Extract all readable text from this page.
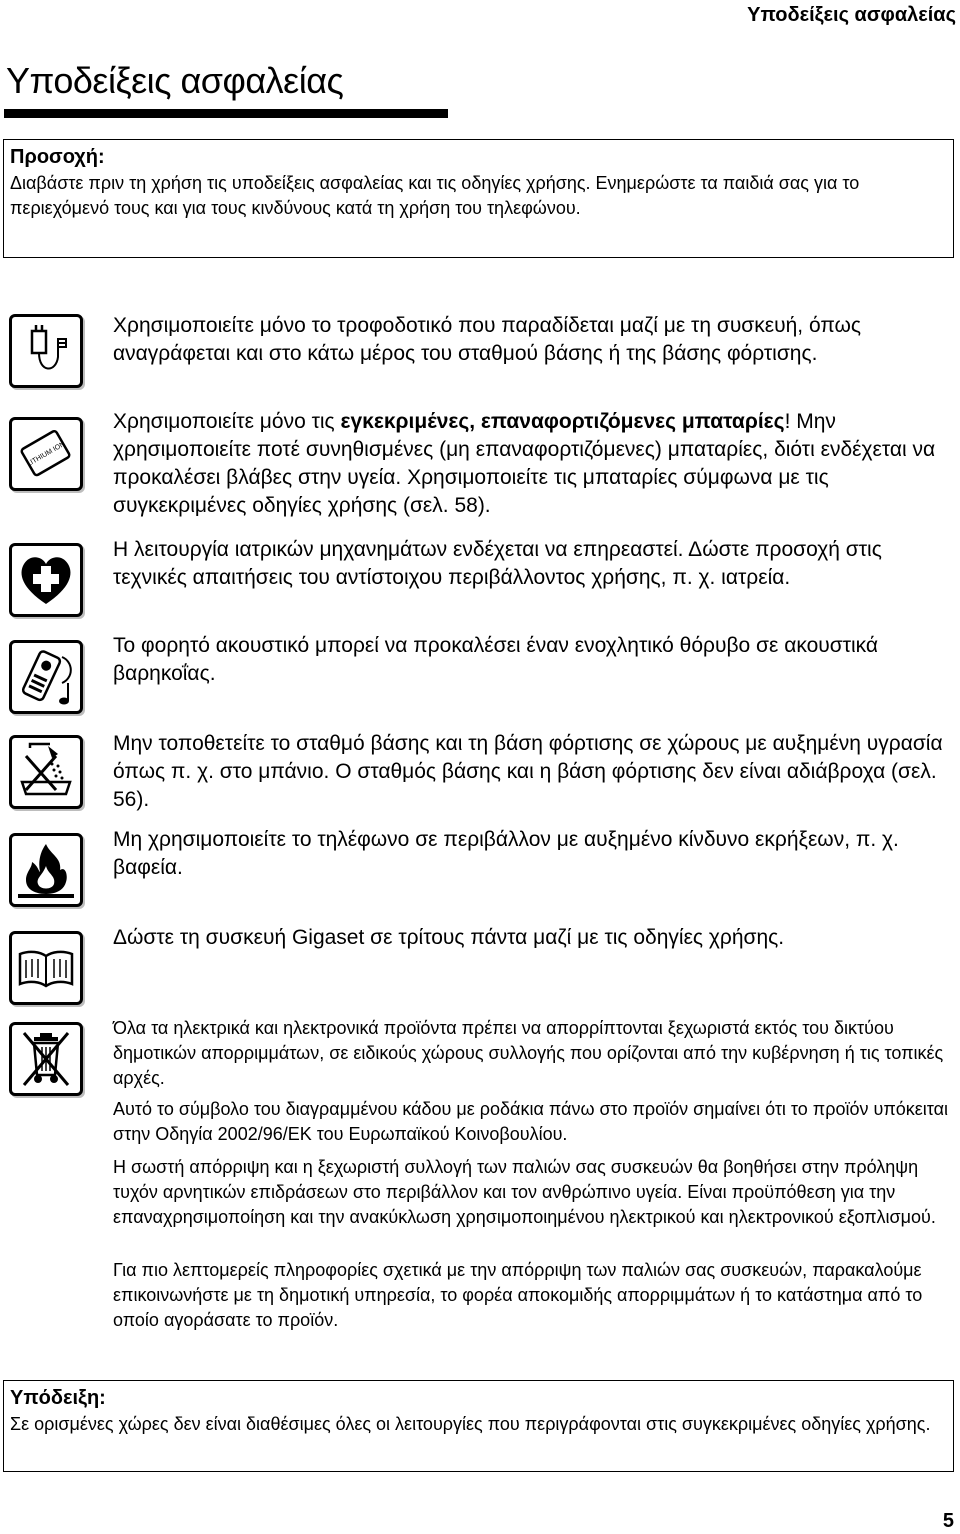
Υποδείξεις ασφαλείας
Υποδείξεις ασφαλείας
Προσοχή:
Διαβάστε πριν τη χρήση τις υποδείξεις ασφαλείας και τις οδηγίες χρήσης. Ενημερώστε τα παιδιά σας για το περιεχόμενό τους και για τους κινδύνους κατά τη χρήση του τηλεφώνου.
LITHIUM ION

Χρησιμοποιείτε μόνο το τροφοδοτικό που παραδίδεται μαζί με τη συσκευή, όπως αναγράφεται και στο κάτω μέρος του σταθμού βάσης ή της βάσης φόρτισης.

Χρησιμοποιείτε μόνο τις εγκεκριμένες, επαναφορτιζόμενες μπαταρίες! Μην χρησιμοποιείτε ποτέ συνηθισμένες (μη επαναφορτιζόμενες) μπαταρίες, διότι ενδέχεται να προκαλέσει βλάβες στην υγεία. Χρησιμοποιείτε τις μπαταρίες σύμφωνα με τις συγκεκριμένες οδηγίες χρήσης (σελ. 58).

Η λειτουργία ιατρικών μηχανημάτων ενδέχεται να επηρεαστεί. Δώστε προσοχή στις τεχνικές απαιτήσεις του αντίστοιχου περιβάλλοντος χρήσης, π. χ. ιατρεία.

Το φορητό ακουστικό μπορεί να προκαλέσει έναν ενοχλητικό θόρυβο σε ακουστικά βαρηκοΐας.

Μην τοποθετείτε το σταθμό βάσης και τη βάση φόρτισης σε χώρους με αυξημένη υγρασία όπως π. χ. στο μπάνιο. Ο σταθμός βάσης και η βάση φόρτισης δεν είναι αδιάβροχα (σελ. 56).

Μη χρησιμοποιείτε το τηλέφωνο σε περιβάλλον με αυξημένο κίνδυνο εκρήξεων, π. χ. βαφεία.

Δώστε τη συσκευή Gigaset σε τρίτους πάντα μαζί με τις οδηγίες χρήσης.

Όλα τα ηλεκτρικά και ηλεκτρονικά προϊόντα πρέπει να απορρίπτονται ξεχωριστά εκτός του δικτύου δημοτικών απορριμμάτων, σε ειδικούς χώρους συλλογής που ορίζονται από την κυβέρνηση ή τις τοπικές αρχές.

Αυτό το σύμβολο του διαγραμμένου κάδου με ροδάκια πάνω στο προϊόν σημαίνει ότι το προϊόν υπόκειται στην Οδηγία 2002/96/ΕΚ του Ευρωπαϊκού Κοινοβουλίου.

Η σωστή απόρριψη και η ξεχωριστή συλλογή των παλιών σας συσκευών θα βοηθήσει στην πρόληψη τυχόν αρνητικών επιδράσεων στο περιβάλλον και τον ανθρώπινο υγεία. Είναι προϋπόθεση για την επαναχρησιμοποίηση και την ανακύκλωση χρησιμοποιημένου ηλεκτρικού και ηλεκτρονικού εξοπλισμού.

Για πιο λεπτομερείς πληροφορίες σχετικά με την απόρριψη των παλιών σας συσκευών, παρακαλούμε επικοινωνήστε με τη δημοτική υπηρεσία, το φορέα αποκομιδής απορριμμάτων ή το κατάστημα από το οποίο αγοράσατε το προϊόν.

Υπόδειξη:
Σε ορισμένες χώρες δεν είναι διαθέσιμες όλες οι λειτουργίες που περιγράφονται στις συγκεκριμένες οδηγίες χρήσης.
5
